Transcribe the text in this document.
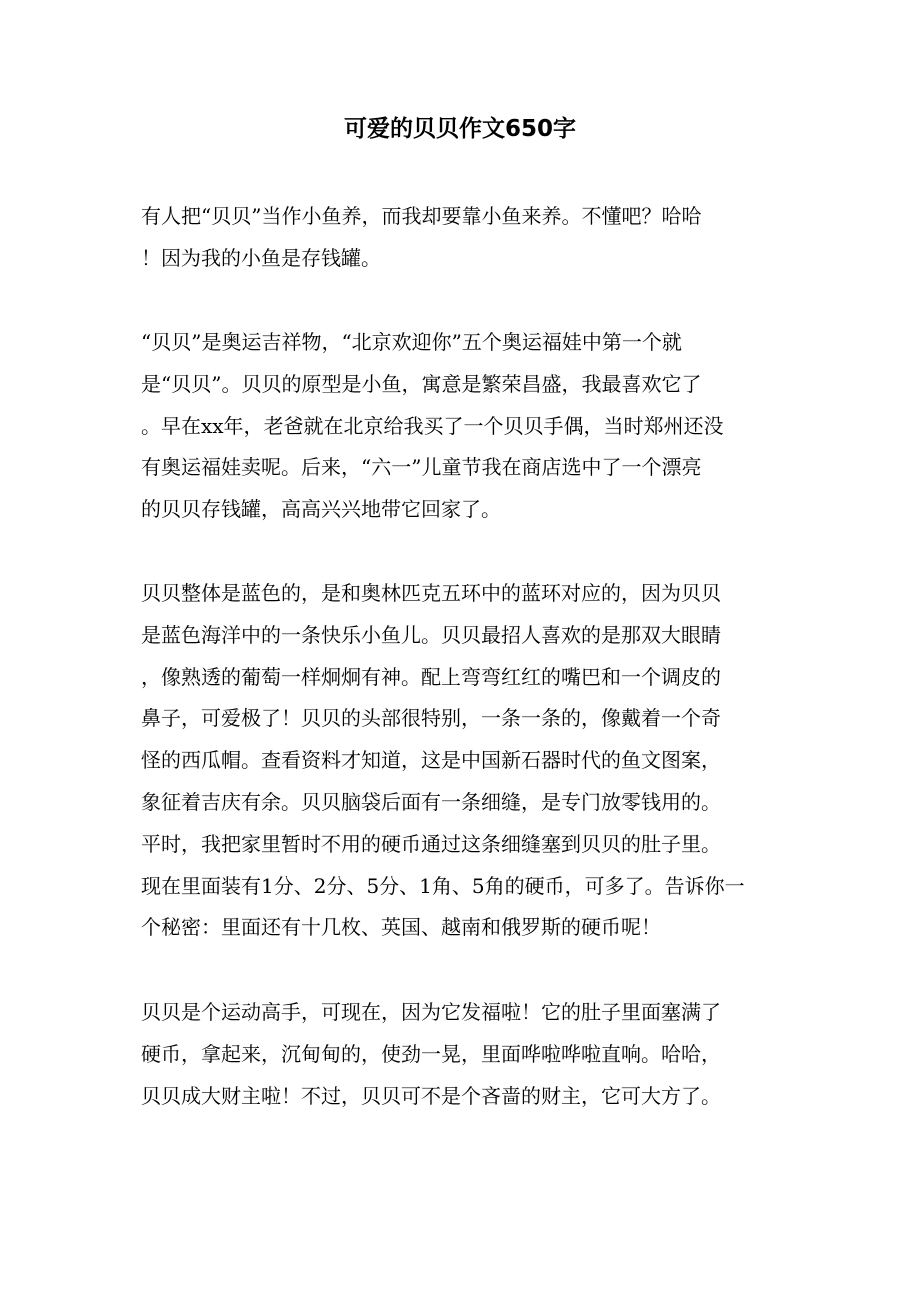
可爱的贝贝作文650字

有人把“贝贝”当作小鱼养，而我却要靠小鱼来养。不懂吧？哈哈
！因为我的小鱼是存钱罐。

“贝贝”是奥运吉祥物，“北京欢迎你”五个奥运福娃中第一个就
是“贝贝”。贝贝的原型是小鱼，寓意是繁荣昌盛，我最喜欢它了
。早在xx年，老爸就在北京给我买了一个贝贝手偶，当时郑州还没
有奥运福娃卖呢。后来，“六一”儿童节我在商店选中了一个漂亮
的贝贝存钱罐，高高兴兴地带它回家了。

贝贝整体是蓝色的，是和奥林匹克五环中的蓝环对应的，因为贝贝
是蓝色海洋中的一条快乐小鱼儿。贝贝最招人喜欢的是那双大眼睛
，像熟透的葡萄一样炯炯有神。配上弯弯红红的嘴巴和一个调皮的
鼻子，可爱极了！贝贝的头部很特别，一条一条的，像戴着一个奇
怪的西瓜帽。查看资料才知道，这是中国新石器时代的鱼文图案，
象征着吉庆有余。贝贝脑袋后面有一条细缝，是专门放零钱用的。
平时，我把家里暂时不用的硬币通过这条细缝塞到贝贝的肚子里。
现在里面装有1分、2分、5分、1角、5角的硬币，可多了。告诉你一
个秘密：里面还有十几枚、英国、越南和俄罗斯的硬币呢！

贝贝是个运动高手，可现在，因为它发福啦！它的肚子里面塞满了
硬币，拿起来，沉甸甸的，使劲一晃，里面哗啦哗啦直响。哈哈，
贝贝成大财主啦！不过，贝贝可不是个吝啬的财主，它可大方了。
